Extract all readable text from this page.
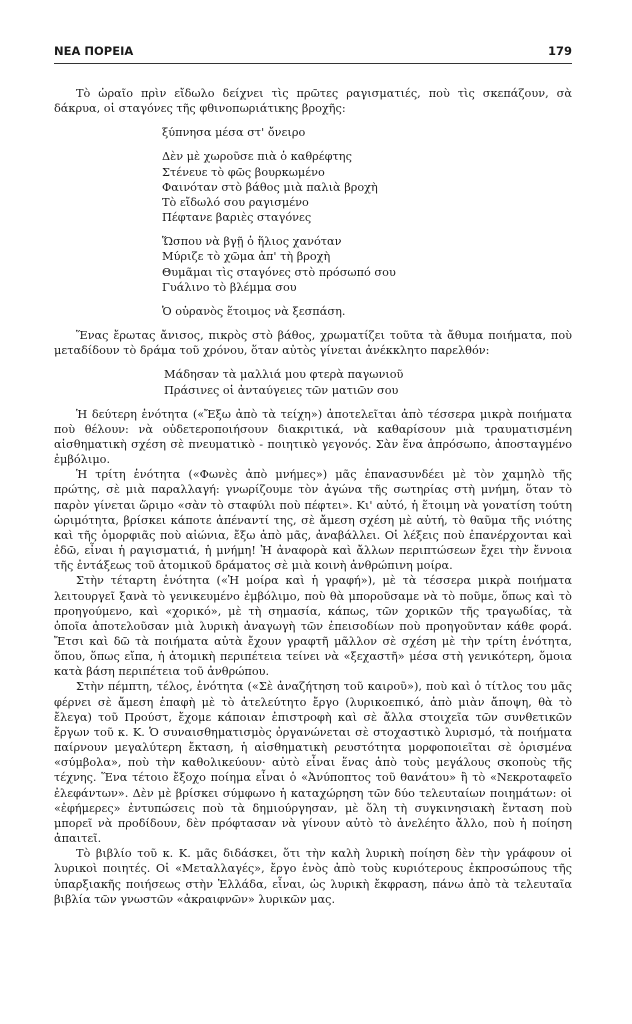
ΝΕΑ ΠΟΡΕΙΑ	179

Τὸ ὡραῖο πρὶν εἴδωλο δείχνει τὶς πρῶτες ραγισματιές, ποὺ τὶς σκεπάζουν, σὰ δάκρυα, οἱ σταγόνες τῆς φθινοπωριάτικης βροχῆς:

ξύπνησα μέσα στ' ὄνειρο
Δὲν μὲ χωροῦσε πιὰ ὁ καθρέφτης
Στένευε τὸ φῶς βουρκωμένο
Φαινόταν στὸ βάθος μιὰ παλιὰ βροχὴ
Τὸ εἴδωλό σου ραγισμένο
Πέφτανε βαριὲς σταγόνες
Ὥσπου νὰ βγῇ ὁ ἥλιος χανόταν
Μύριζε τὸ χῶμα ἀπ' τὴ βροχὴ
Θυμᾶμαι τὶς σταγόνες στὸ πρόσωπό σου
Γυάλινο τὸ βλέμμα σου
Ὁ οὐρανὸς ἕτοιμος νὰ ξεσπάση.

Ἕνας ἔρωτας ἄνισος, πικρὸς στὸ βάθος, χρωματίζει τοῦτα τὰ ἄθυμα ποιήματα, ποὺ μεταδίδουν τὸ δράμα τοῦ χρόνου, ὅταν αὐτὸς γίνεται ἀνέκκλητο παρελθόν:

Μάδησαν τὰ μαλλιά μου φτερὰ παγωνιοῦ
Πράσινες οἱ ἀνταύγειες τῶν ματιῶν σου

Ἡ δεύτερη ἑνότητα («Ἔξω ἀπὸ τὰ τείχη») ἀποτελεῖται ἀπὸ τέσσερα μικρὰ ποιήματα ποὺ θέλουν: νὰ οὐδετεροποιήσουν διακριτικά, νὰ καθαρίσουν μιὰ τραυματισμένη αἰσθηματικὴ σχέση σὲ πνευματικὸ - ποιητικὸ γεγονός. Σὰν ἕνα ἀπρόσωπο, ἀποσταγμένο ἐμβόλιμο.

Ἡ τρίτη ἑνότητα («Φωνὲς ἀπὸ μνήμες») μᾶς ἐπανασυνδέει μὲ τὸν χαμηλὸ τῆς πρώτης, σὲ μιὰ παραλλαγή: γνωρίζουμε τὸν ἀγώνα τῆς σωτηρίας στὴ μνήμη, ὅταν τὸ παρὸν γίνεται ὥριμο «σὰν τὸ σταφύλι ποὺ πέφτει». Κι' αὐτό, ἡ ἕτοιμη νὰ γονατίση τούτη ὡριμότητα, βρίσκει κάποτε ἀπέναντί της, σὲ ἄμεση σχέση μὲ αὐτή, τὸ θαῦμα τῆς νιότης καὶ τῆς ὁμορφιᾶς ποὺ αἰώνια, ἔξω ἀπὸ μᾶς, ἀναβάλλει. Οἱ λέξεις ποὺ ἐπανέρχονται καὶ ἐδῶ, εἶναι ἡ ραγισματιά, ἡ μνήμη! Ἡ ἀναφορὰ καὶ ἄλλων περιπτώσεων ἔχει τὴν ἔννοια τῆς ἐντάξεως τοῦ ἀτομικοῦ δράματος σὲ μιὰ κοινὴ ἀνθρώπινη μοίρα.

Στὴν τέταρτη ἑνότητα («Ἡ μοίρα καὶ ἡ γραφή»), μὲ τὰ τέσσερα μικρὰ ποιήματα λειτουργεῖ ξανὰ τὸ γενικευμένο ἐμβόλιμο, ποὺ θὰ μποροῦσαμε νὰ τὸ ποῦμε, ὅπως καὶ τὸ προηγούμενο, καὶ «χορικό», μὲ τὴ σημασία, κάπως, τῶν χορικῶν τῆς τραγωδίας, τὰ ὁποῖα ἀποτελοῦσαν μιὰ λυρικὴ ἀναγωγὴ τῶν ἐπεισοδίων ποὺ προηγοῦνταν κάθε φορά. Ἔτσι καὶ δῶ τὰ ποιήματα αὐτὰ ἔχουν γραφτῆ μᾶλλον σὲ σχέση μὲ τὴν τρίτη ἑνότητα, ὅπου, ὅπως εἴπα, ἡ ἀτομικὴ περιπέτεια τείνει νὰ «ξεχαστῆ» μέσα στὴ γενικότερη, ὅμοια κατὰ βάση περιπέτεια τοῦ ἀνθρώπου.

Στὴν πέμπτη, τέλος, ἑνότητα («Σὲ ἀναζήτηση τοῦ καιροῦ»), ποὺ καὶ ὁ τίτλος του μᾶς φέρνει σὲ ἄμεση ἐπαφὴ μὲ τὸ ἀτελεύτητο ἔργο (λυρικοεπικό, ἀπὸ μιὰν ἄποψη, θὰ τὸ ἔλεγα) τοῦ Προύστ, ἔχομε κάποιαν ἐπιστροφὴ καὶ σὲ ἄλλα στοιχεῖα τῶν συνθετικῶν ἔργων τοῦ κ. Κ. Ὁ συναισθηματισμὸς ὀργανώνεται σὲ στοχαστικὸ λυρισμό, τὰ ποιήματα παίρνουν μεγαλύτερη ἔκταση, ἡ αἰσθηματικὴ ρευστότητα μορφοποιεῖται σὲ ὁρισμένα «σύμβολα», ποὺ τὴν καθολικεύουν· αὐτὸ εἶναι ἕνας ἀπὸ τοὺς μεγάλους σκοποὺς τῆς τέχνης. Ἕνα τέτοιο ἔξοχο ποίημα εἶναι ὁ «Ἀνύποπτος τοῦ θανάτου» ἢ τὸ «Νεκροταφεῖο ἐλεφάντων». Δὲν μὲ βρίσκει σύμφωνο ἡ καταχώρηση τῶν δύο τελευταίων ποιημάτων: οἱ «ἐφήμερες» ἐντυπώσεις ποὺ τὰ δημιούργησαν, μὲ ὅλη τὴ συγκινησιακὴ ἔνταση ποὺ μπορεῖ νὰ προδίδουν, δὲν πρόφτασαν νὰ γίνουν αὐτὸ τὸ ἀνελέητο ἄλλο, ποὺ ἡ ποίηση ἀπαιτεῖ.

Τὸ βιβλίο τοῦ κ. Κ. μᾶς διδάσκει, ὅτι τὴν καλὴ λυρικὴ ποίηση δὲν τὴν γράφουν οἱ λυρικοὶ ποιητές. Οἱ «Μεταλλαγές», ἔργο ἑνὸς ἀπὸ τοὺς κυριότερους ἐκπροσώπους τῆς ὑπαρξιακῆς ποιήσεως στὴν Ἑλλάδα, εἶναι, ὡς λυρικὴ ἔκφραση, πάνω ἀπὸ τὰ τελευταῖα βιβλία τῶν γνωστῶν «ἀκραιφνῶν» λυρικῶν μας.
